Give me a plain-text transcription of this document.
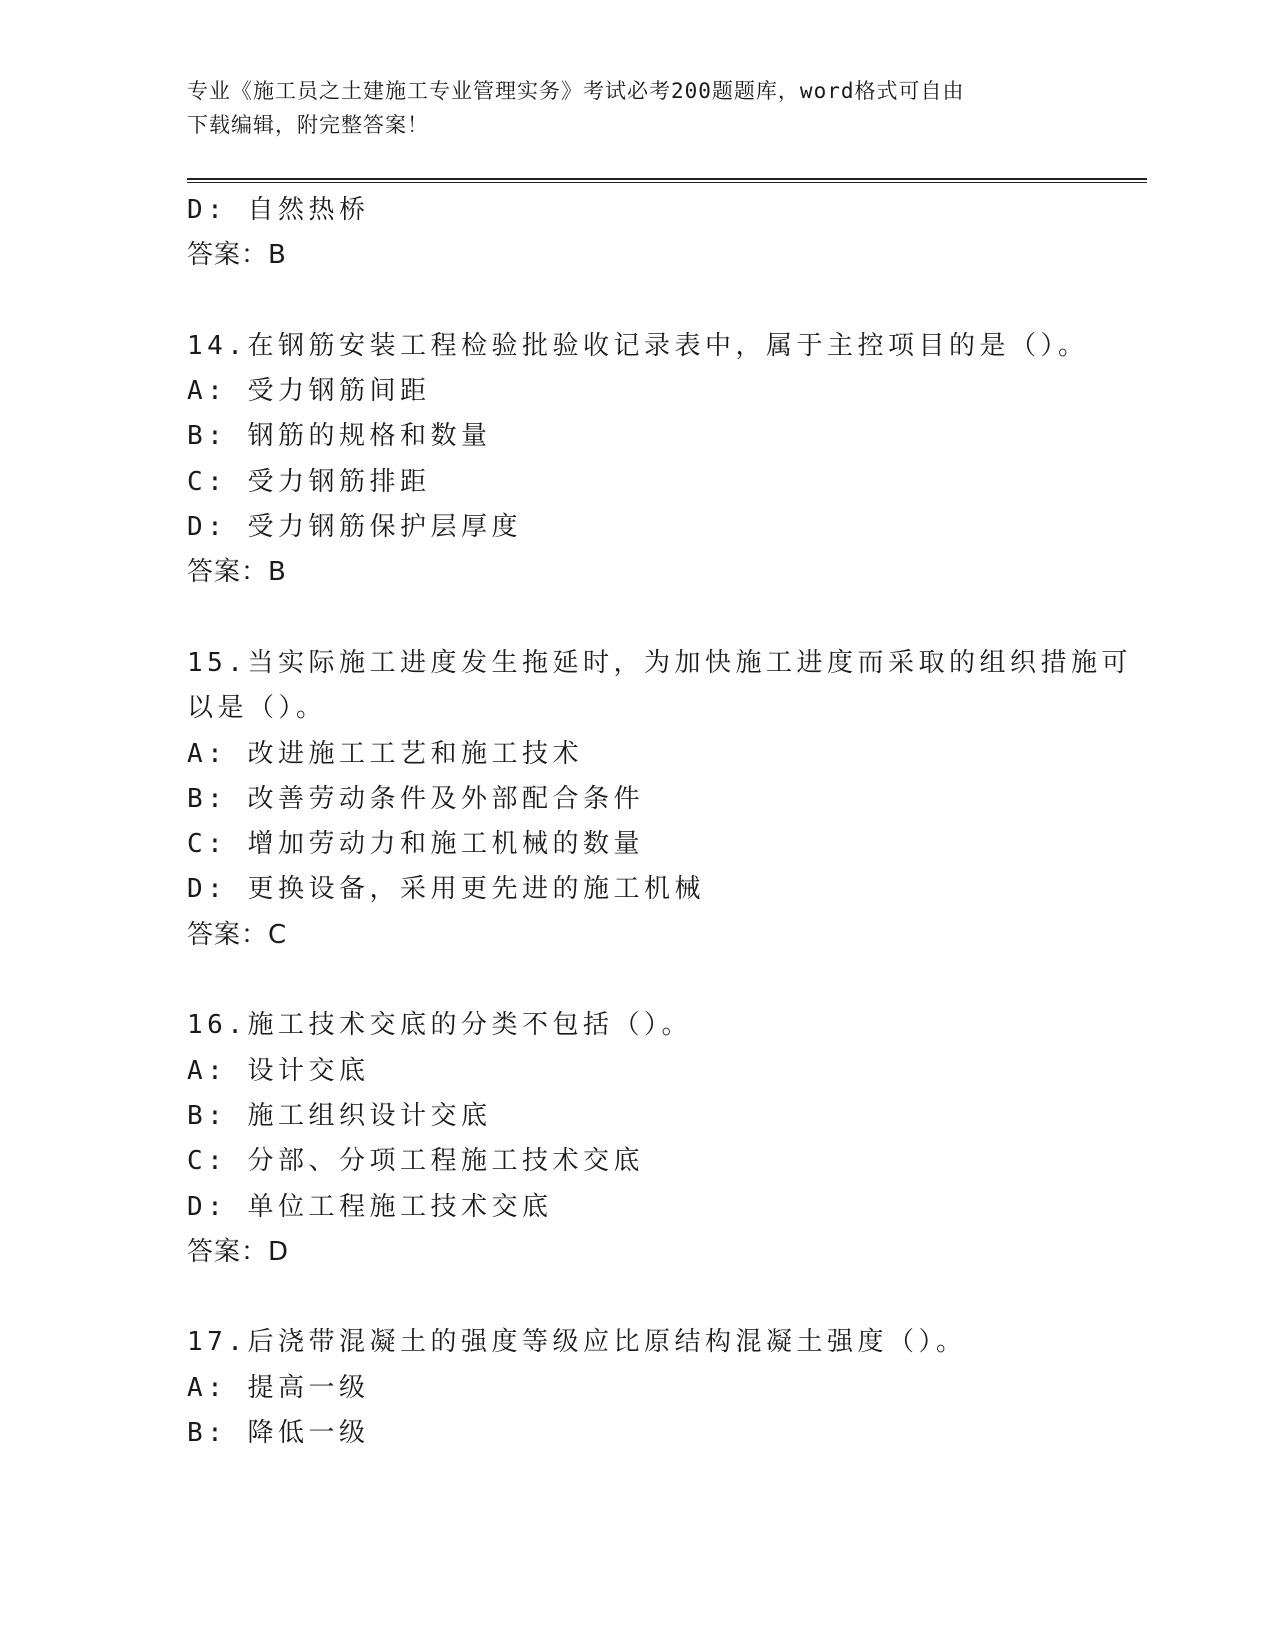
专业《施工员之土建施工专业管理实务》考试必考200题题库，word格式可自由
下载编辑，附完整答案！
D: 自然热桥
答案：B
14.在钢筋安装工程检验批验收记录表中，属于主控项目的是（）。
A: 受力钢筋间距
B: 钢筋的规格和数量
C: 受力钢筋排距
D: 受力钢筋保护层厚度
答案：B
15.当实际施工进度发生拖延时，为加快施工进度而采取的组织措施可
以是（）。
A: 改进施工工艺和施工技术
B: 改善劳动条件及外部配合条件
C: 增加劳动力和施工机械的数量
D: 更换设备，采用更先进的施工机械
答案：C
16.施工技术交底的分类不包括（）。
A: 设计交底
B: 施工组织设计交底
C: 分部、分项工程施工技术交底
D: 单位工程施工技术交底
答案：D
17.后浇带混凝土的强度等级应比原结构混凝土强度（）。
A: 提高一级
B: 降低一级
